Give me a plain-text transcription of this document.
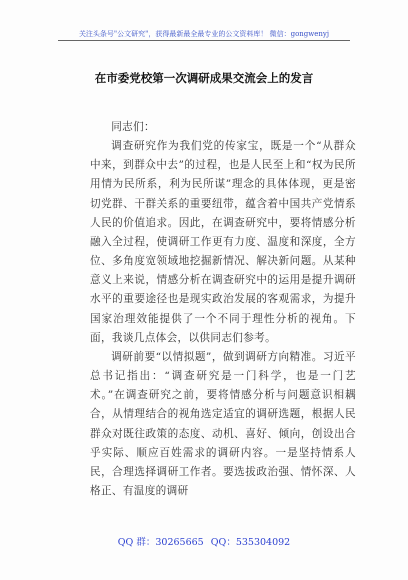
关注头条号"公文研究"，获得最新最全最专业的公文资料库！ 微信：gongwenyj
在市委党校第一次调研成果交流会上的发言

同志们：

调查研究作为我们党的传家宝，既是一个“从群众中来，到群众中去”的过程，也是人民至上和“权为民所用情为民所系，利为民所谋”理念的具体体现，更是密切党群、干群关系的重要纽带，蕴含着中国共产党情系人民的价值追求。因此，在调查研究中，要将情感分析融入全过程，使调研工作更有力度、温度和深度，全方位、多角度宽领域地挖掘新情况、解决新问题。从某种意义上来说，情感分析在调查研究中的运用是提升调研水平的重要途径也是现实政治发展的客观需求，为提升国家治理效能提供了一个不同于理性分析的视角。下面，我谈几点体会，以供同志们参考。

调研前要“以情拟题”，做到调研方向精准。习近平总书记指出：“调查研究是一门科学，也是一门艺术。”在调查研究之前，要将情感分析与问题意识相耦合，从情理结合的视角选定适宜的调研选题，根据人民群众对既往政策的态度、动机、喜好、倾向，创设出合乎实际、顺应百姓需求的调研内容。一是坚持情系人民，合理选择调研工作者。要选拔政治强、情怀深、人格正、有温度的调研

QQ 群：30265665 QQ：535304092
